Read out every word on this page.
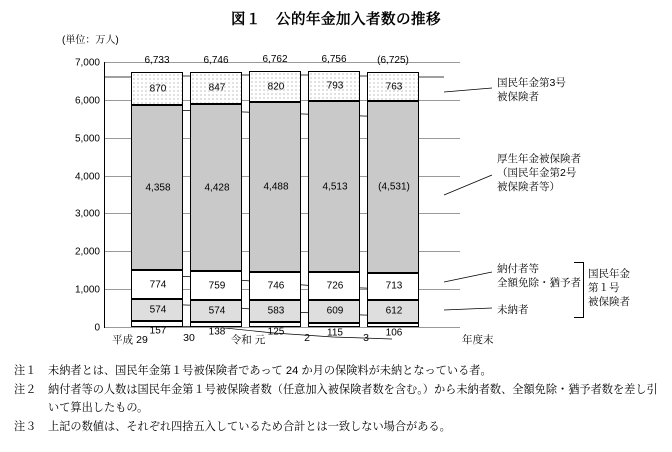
図１　公的年金加入者数の推移
(単位：万人)
7,000
6,000
5,000
4,000
3,000
2,000
1,000
0
6,733
870
4,358
774
574
157
6,746
847
4,428
759
574
138
6,762
820
4,488
746
583
125
6,756
793
4,513
726
609
115
(6,725)
763
(4,531)
713
612
106
平成 29	30	令和 元	2	3	年度末
国民年金第3号
被保険者
厚生年金被保険者
（国民年金第2号
被保険者等）
納付者等
全額免除・猶予者
未納者
国民年金
第１号
被保険者
注１	未納者とは、国民年金第１号被保険者であって 24 か月の保険料が未納となっている者。
注２	納付者等の人数は国民年金第１号被保険者数（任意加入被保険者数を含む。）から未納者数、全額免除・猶予者数を差し引いて算出したもの。
注３	上記の数値は、それぞれ四捨五入しているため合計とは一致しない場合がある。
